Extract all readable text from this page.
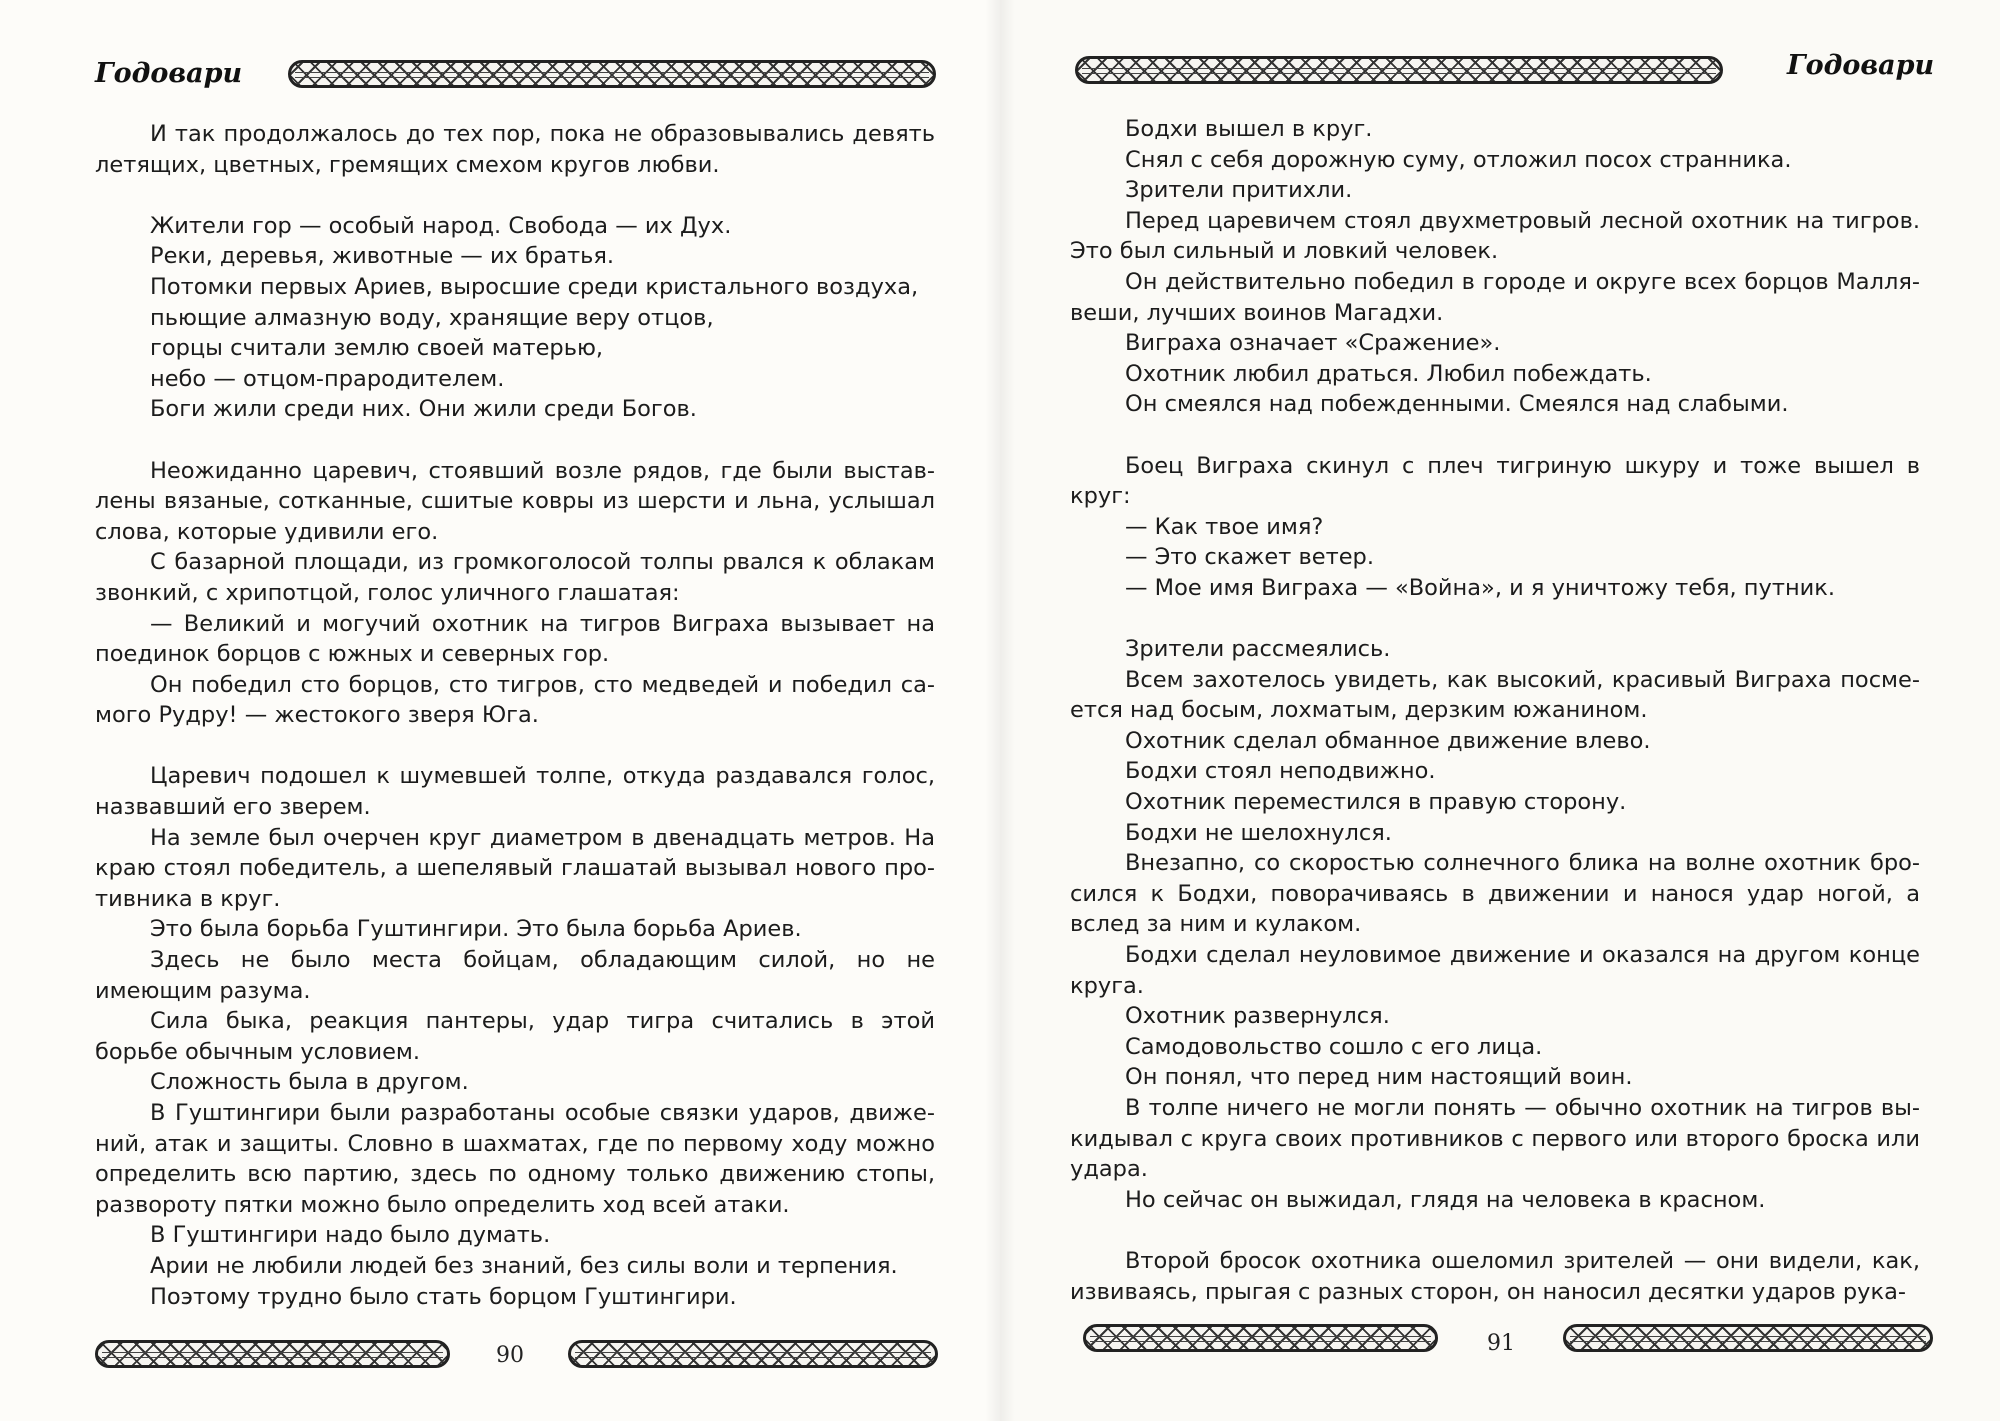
Годовари

И так продолжалось до тех пор, пока не образовывались девять летящих, цветных, гремящих смехом кругов любви.

Жители гор — особый народ. Свобода — их Дух.

Реки, деревья, животные — их братья.

Потомки первых Ариев, выросшие среди кристального воздуха,

пьющие алмазную воду, хранящие веру отцов,

горцы считали землю своей матерью,

небо — отцом-прародителем.

Боги жили среди них. Они жили среди Богов.

Неожиданно царевич, стоявший возле рядов, где были выстав-лены вязаные, сотканные, сшитые ковры из шерсти и льна, услышал слова, которые удивили его.

С базарной площади, из громкоголосой толпы рвался к облакам звонкий, с хрипотцой, голос уличного глашатая:

— Великий и могучий охотник на тигров Виграха вызывает на поединок борцов с южных и северных гор.

Он победил сто борцов, сто тигров, сто медведей и победил са-мого Рудру! — жестокого зверя Юга.

Царевич подошел к шумевшей толпе, откуда раздавался голос, назвавший его зверем.

На земле был очерчен круг диаметром в двенадцать метров. На краю стоял победитель, а шепелявый глашатай вызывал нового про-тивника в круг.

Это была борьба Гуштингири. Это была борьба Ариев.

Здесь не было места бойцам, обладающим силой, но не имеющим разума.

Сила быка, реакция пантеры, удар тигра считались в этой борьбе обычным условием.

Сложность была в другом.

В Гуштингири были разработаны особые связки ударов, движе-ний, атак и защиты. Словно в шахматах, где по первому ходу можно определить всю партию, здесь по одному только движению стопы, развороту пятки можно было определить ход всей атаки.

В Гуштингири надо было думать.

Арии не любили людей без знаний, без силы воли и терпения.

Поэтому трудно было стать борцом Гуштингири.

90
Годовари

Бодхи вышел в круг.

Снял с себя дорожную суму, отложил посох странника.

Зрители притихли.

Перед царевичем стоял двухметровый лесной охотник на тигров. Это был сильный и ловкий человек.

Он действительно победил в городе и округе всех борцов Малля-веши, лучших воинов Магадхи.

Виграха означает «Сражение».

Охотник любил драться. Любил побеждать.

Он смеялся над побежденными. Смеялся над слабыми.

Боец Виграха скинул с плеч тигриную шкуру и тоже вышел в круг:

— Как твое имя?

— Это скажет ветер.

— Мое имя Виграха — «Война», и я уничтожу тебя, путник.

Зрители рассмеялись.

Всем захотелось увидеть, как высокий, красивый Виграха посме-ется над босым, лохматым, дерзким южанином.

Охотник сделал обманное движение влево.

Бодхи стоял неподвижно.

Охотник переместился в правую сторону.

Бодхи не шелохнулся.

Внезапно, со скоростью солнечного блика на волне охотник бро-сился к Бодхи, поворачиваясь в движении и нанося удар ногой, а вслед за ним и кулаком.

Бодхи сделал неуловимое движение и оказался на другом конце круга.

Охотник развернулся.

Самодовольство сошло с его лица.

Он понял, что перед ним настоящий воин.

В толпе ничего не могли понять — обычно охотник на тигров вы-кидывал с круга своих противников с первого или второго броска или удара.

Но сейчас он выжидал, глядя на человека в красном.

Второй бросок охотника ошеломил зрителей — они видели, как, извиваясь, прыгая с разных сторон, он наносил десятки ударов рука-

91
